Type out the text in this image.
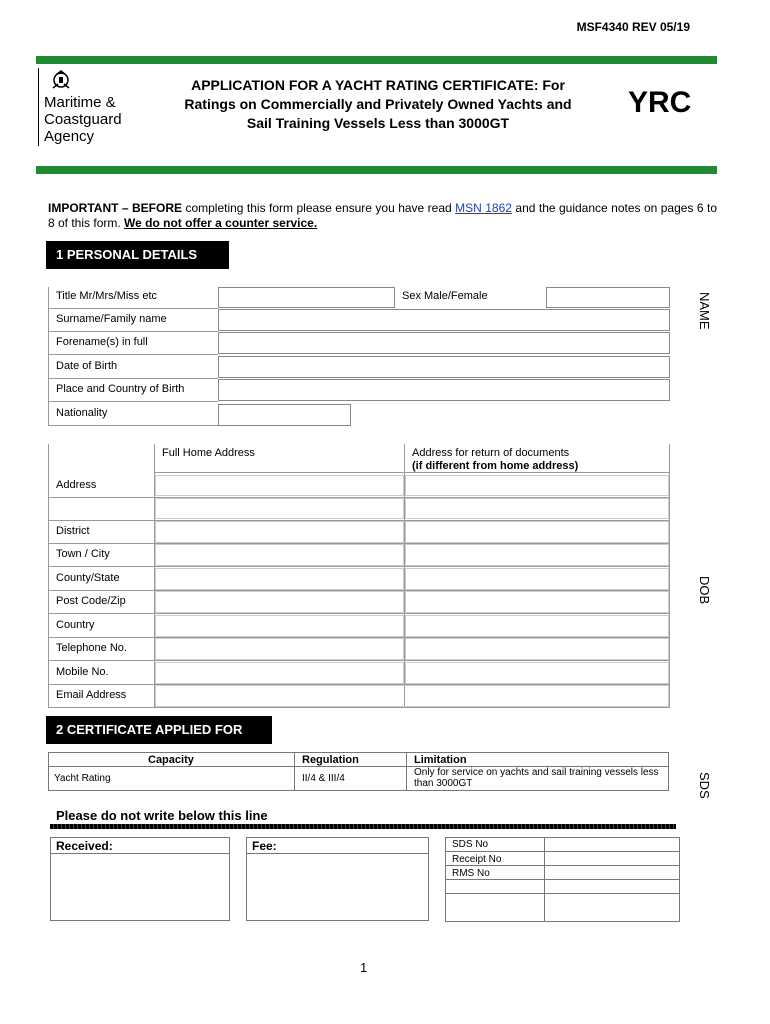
MSF4340 REV 05/19
Maritime &
Coastguard
Agency
APPLICATION FOR A YACHT RATING CERTIFICATE: For
Ratings on Commercially and Privately Owned Yachts and
Sail Training Vessels Less than 3000GT
YRC
IMPORTANT – BEFORE completing this form please ensure you have read MSN 1862 and the guidance notes on pages 6 to 8 of this form. We do not offer a counter service.
1 PERSONAL DETAILS
Title Mr/Mrs/Miss etc	Sex Male/Female
Surname/Family name
Forename(s) in full
Date of Birth
Place and Country of Birth
Nationality
Full Home Address	Address for return of documents
(if different from home address)
Address
District
Town / City
County/State
Post Code/Zip
Country
Telephone No.
Mobile No.
Email Address
NAME
DOB
SDS
2 CERTIFICATE APPLIED FOR
Capacity	Regulation	Limitation
Yacht Rating	II/4 & III/4
Only for service on yachts and sail training vessels less than 3000GT
Please do not write below this line
Received:	Fee:	SDS No
Receipt No
RMS No
1
